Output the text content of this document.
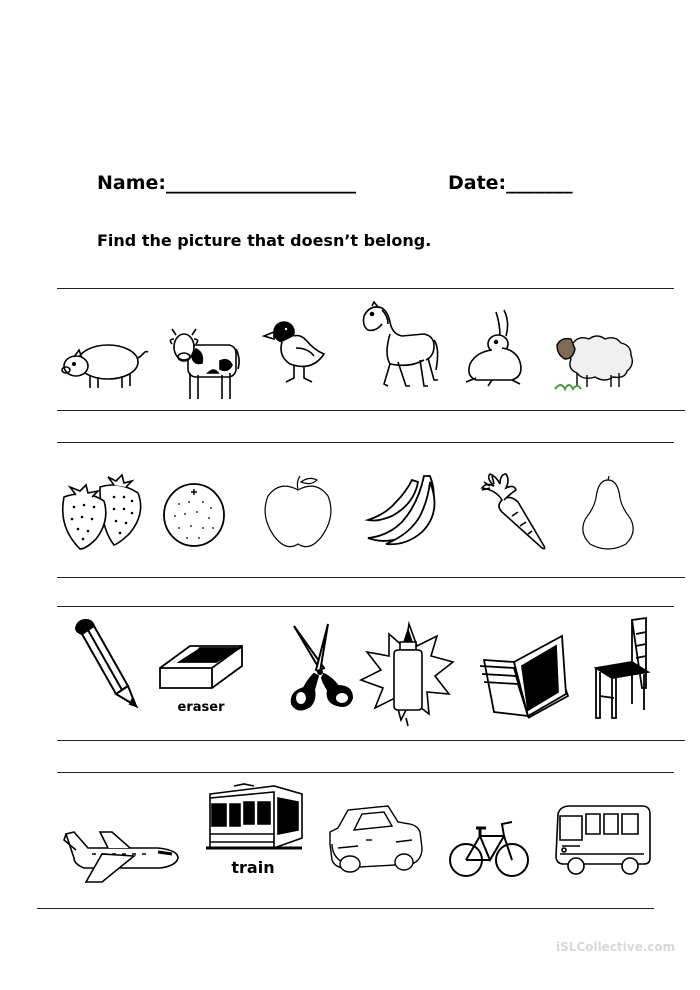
Name:____________________	Date:_______
Find the picture that doesn’t belong.
eraser
train
iSLCollective.com
